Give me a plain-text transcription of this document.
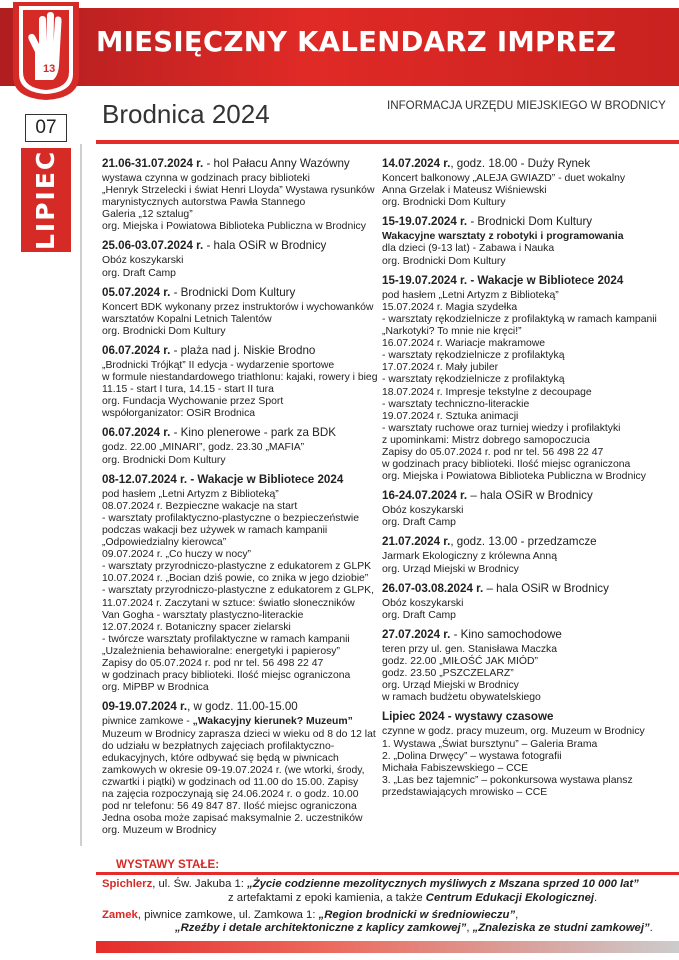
MIESIĘCZNY KALENDARZ IMPREZ
13
07
LIPIEC
Brodnica 2024	INFORMACJA URZĘDU MIEJSKIEGO W BRODNICY
21.06-31.07.2024 r. - hol Pałacu Anny Wazówny
wystawa czynna w godzinach pracy biblioteki
„Henryk Strzelecki i świat Henri Lloyda” Wystawa rysunków
marynistycznych autorstwa Pawła Stannego
Galeria „12 sztalug”
org. Miejska i Powiatowa Biblioteka Publiczna w Brodnicy
25.06-03.07.2024 r. - hala OSiR w Brodnicy
Obóz koszykarski
org. Draft Camp
05.07.2024 r. - Brodnicki Dom Kultury
Koncert BDK wykonany przez instruktorów i wychowanków
warsztatów Kopalni Letnich Talentów
org. Brodnicki Dom Kultury
06.07.2024 r. - plaża nad j. Niskie Brodno
„Brodnicki Trójkąt” II edycja - wydarzenie sportowe
w formule niestandardowego triathlonu: kajaki, rowery i bieg
11.15 - start I tura, 14.15 - start II tura
org. Fundacja Wychowanie przez Sport
współorganizator: OSiR Brodnica
06.07.2024 r. - Kino plenerowe - park za BDK
godz. 22.00 „MINARI”, godz. 23.30 „MAFIA”
org. Brodnicki Dom Kultury
08-12.07.2024 r. - Wakacje w Bibliotece 2024
pod hasłem „Letni Artyzm z Biblioteką”
08.07.2024 r. Bezpieczne wakacje na start
- warsztaty profilaktyczno-plastyczne o bezpieczeństwie
podczas wakacji bez używek w ramach kampanii
„Odpowiedzialny kierowca”
09.07.2024 r. „Co huczy w nocy”
- warsztaty przyrodniczo-plastyczne z edukatorem z GLPK
10.07.2024 r. „Bocian dziś powie, co znika w jego dziobie”
- warsztaty przyrodniczo-plastyczne z edukatorem z GLPK,
11.07.2024 r. Zaczytani w sztuce: światło słoneczników
Van Gogha - warsztaty plastyczno-literackie
12.07.2024 r. Botaniczny spacer zielarski
- twórcze warsztaty profilaktyczne w ramach kampanii
„Uzależnienia behawioralne: energetyki i papierosy”
Zapisy do 05.07.2024 r. pod nr tel. 56 498 22 47
w godzinach pracy biblioteki. Ilość miejsc ograniczona
org. MiPBP w Brodnica
09-19.07.2024 r., w godz. 11.00-15.00
piwnice zamkowe - „Wakacyjny kierunek? Muzeum”
Muzeum w Brodnicy zaprasza dzieci w wieku od 8 do 12 lat
do udziału w bezpłatnych zajęciach profilaktyczno-
edukacyjnych, które odbywać się będą w piwnicach
zamkowych w okresie 09-19.07.2024 r. (we wtorki, środy,
czwartki i piątki) w godzinach od 11.00 do 15.00. Zapisy
na zajęcia rozpoczynają się 24.06.2024 r. o godz. 10.00
pod nr telefonu: 56 49 847 87. Ilość miejsc ograniczona
Jedna osoba może zapisać maksymalnie 2. uczestników
org. Muzeum w Brodnicy
14.07.2024 r., godz. 18.00 - Duży Rynek
Koncert balkonowy „ALEJA GWIAZD” - duet wokalny
Anna Grzelak i Mateusz Wiśniewski
org. Brodnicki Dom Kultury
15-19.07.2024 r. - Brodnicki Dom Kultury
Wakacyjne warsztaty z robotyki i programowania
dla dzieci (9-13 lat) - Zabawa i Nauka
org. Brodnicki Dom Kultury
15-19.07.2024 r. - Wakacje w Bibliotece 2024
pod hasłem „Letni Artyzm z Biblioteką”
15.07.2024 r. Magia szydełka
- warsztaty rękodzielnicze z profilaktyką w ramach kampanii
„Narkotyki? To mnie nie kręci!”
16.07.2024 r. Wariacje makramowe
- warsztaty rękodzielnicze z profilaktyką
17.07.2024 r. Mały jubiler
- warsztaty rękodzielnicze z profilaktyką
18.07.2024 r. Impresje tekstylne z decoupage
- warsztaty techniczno-literackie
19.07.2024 r. Sztuka animacji
- warsztaty ruchowe oraz turniej wiedzy i profilaktyki
z upominkami: Mistrz dobrego samopoczucia
Zapisy do 05.07.2024 r. pod nr tel. 56 498 22 47
w godzinach pracy biblioteki. Ilość miejsc ograniczona
org. Miejska i Powiatowa Biblioteka Publiczna w Brodnicy
16-24.07.2024 r. – hala OSiR w Brodnicy
Obóz koszykarski
org. Draft Camp
21.07.2024 r., godz. 13.00 - przedzamcze
Jarmark Ekologiczny z królewna Anną
org. Urząd Miejski w Brodnicy
26.07-03.08.2024 r. – hala OSiR w Brodnicy
Obóz koszykarski
org. Draft Camp
27.07.2024 r. - Kino samochodowe
teren przy ul. gen. Stanisława Maczka
godz. 22.00 „MIŁOŚĆ JAK MIÓD”
godz. 23.50 „PSZCZELARZ”
org. Urząd Miejski w Brodnicy
w ramach budżetu obywatelskiego
Lipiec 2024 - wystawy czasowe
czynne w godz. pracy muzeum, org. Muzeum w Brodnicy
1. Wystawa „Świat bursztynu” – Galeria Brama
2. „Dolina Drwęcy” – wystawa fotografii
Michała Fabiszewskiego – CCE
3. „Las bez tajemnic” – pokonkursowa wystawa plansz
przedstawiających mrowisko – CCE
WYSTAWY STAŁE:
Spichlerz, ul. Św. Jakuba 1: „Życie codzienne mezolitycznych myśliwych z Mszana sprzed 10 000 lat”
z artefaktami z epoki kamienia, a także Centrum Edukacji Ekologicznej.
Zamek, piwnice zamkowe, ul. Zamkowa 1: „Region brodnicki w średniowieczu”,
„Rzeźby i detale architektoniczne z kaplicy zamkowej”, „Znaleziska ze studni zamkowej”.
